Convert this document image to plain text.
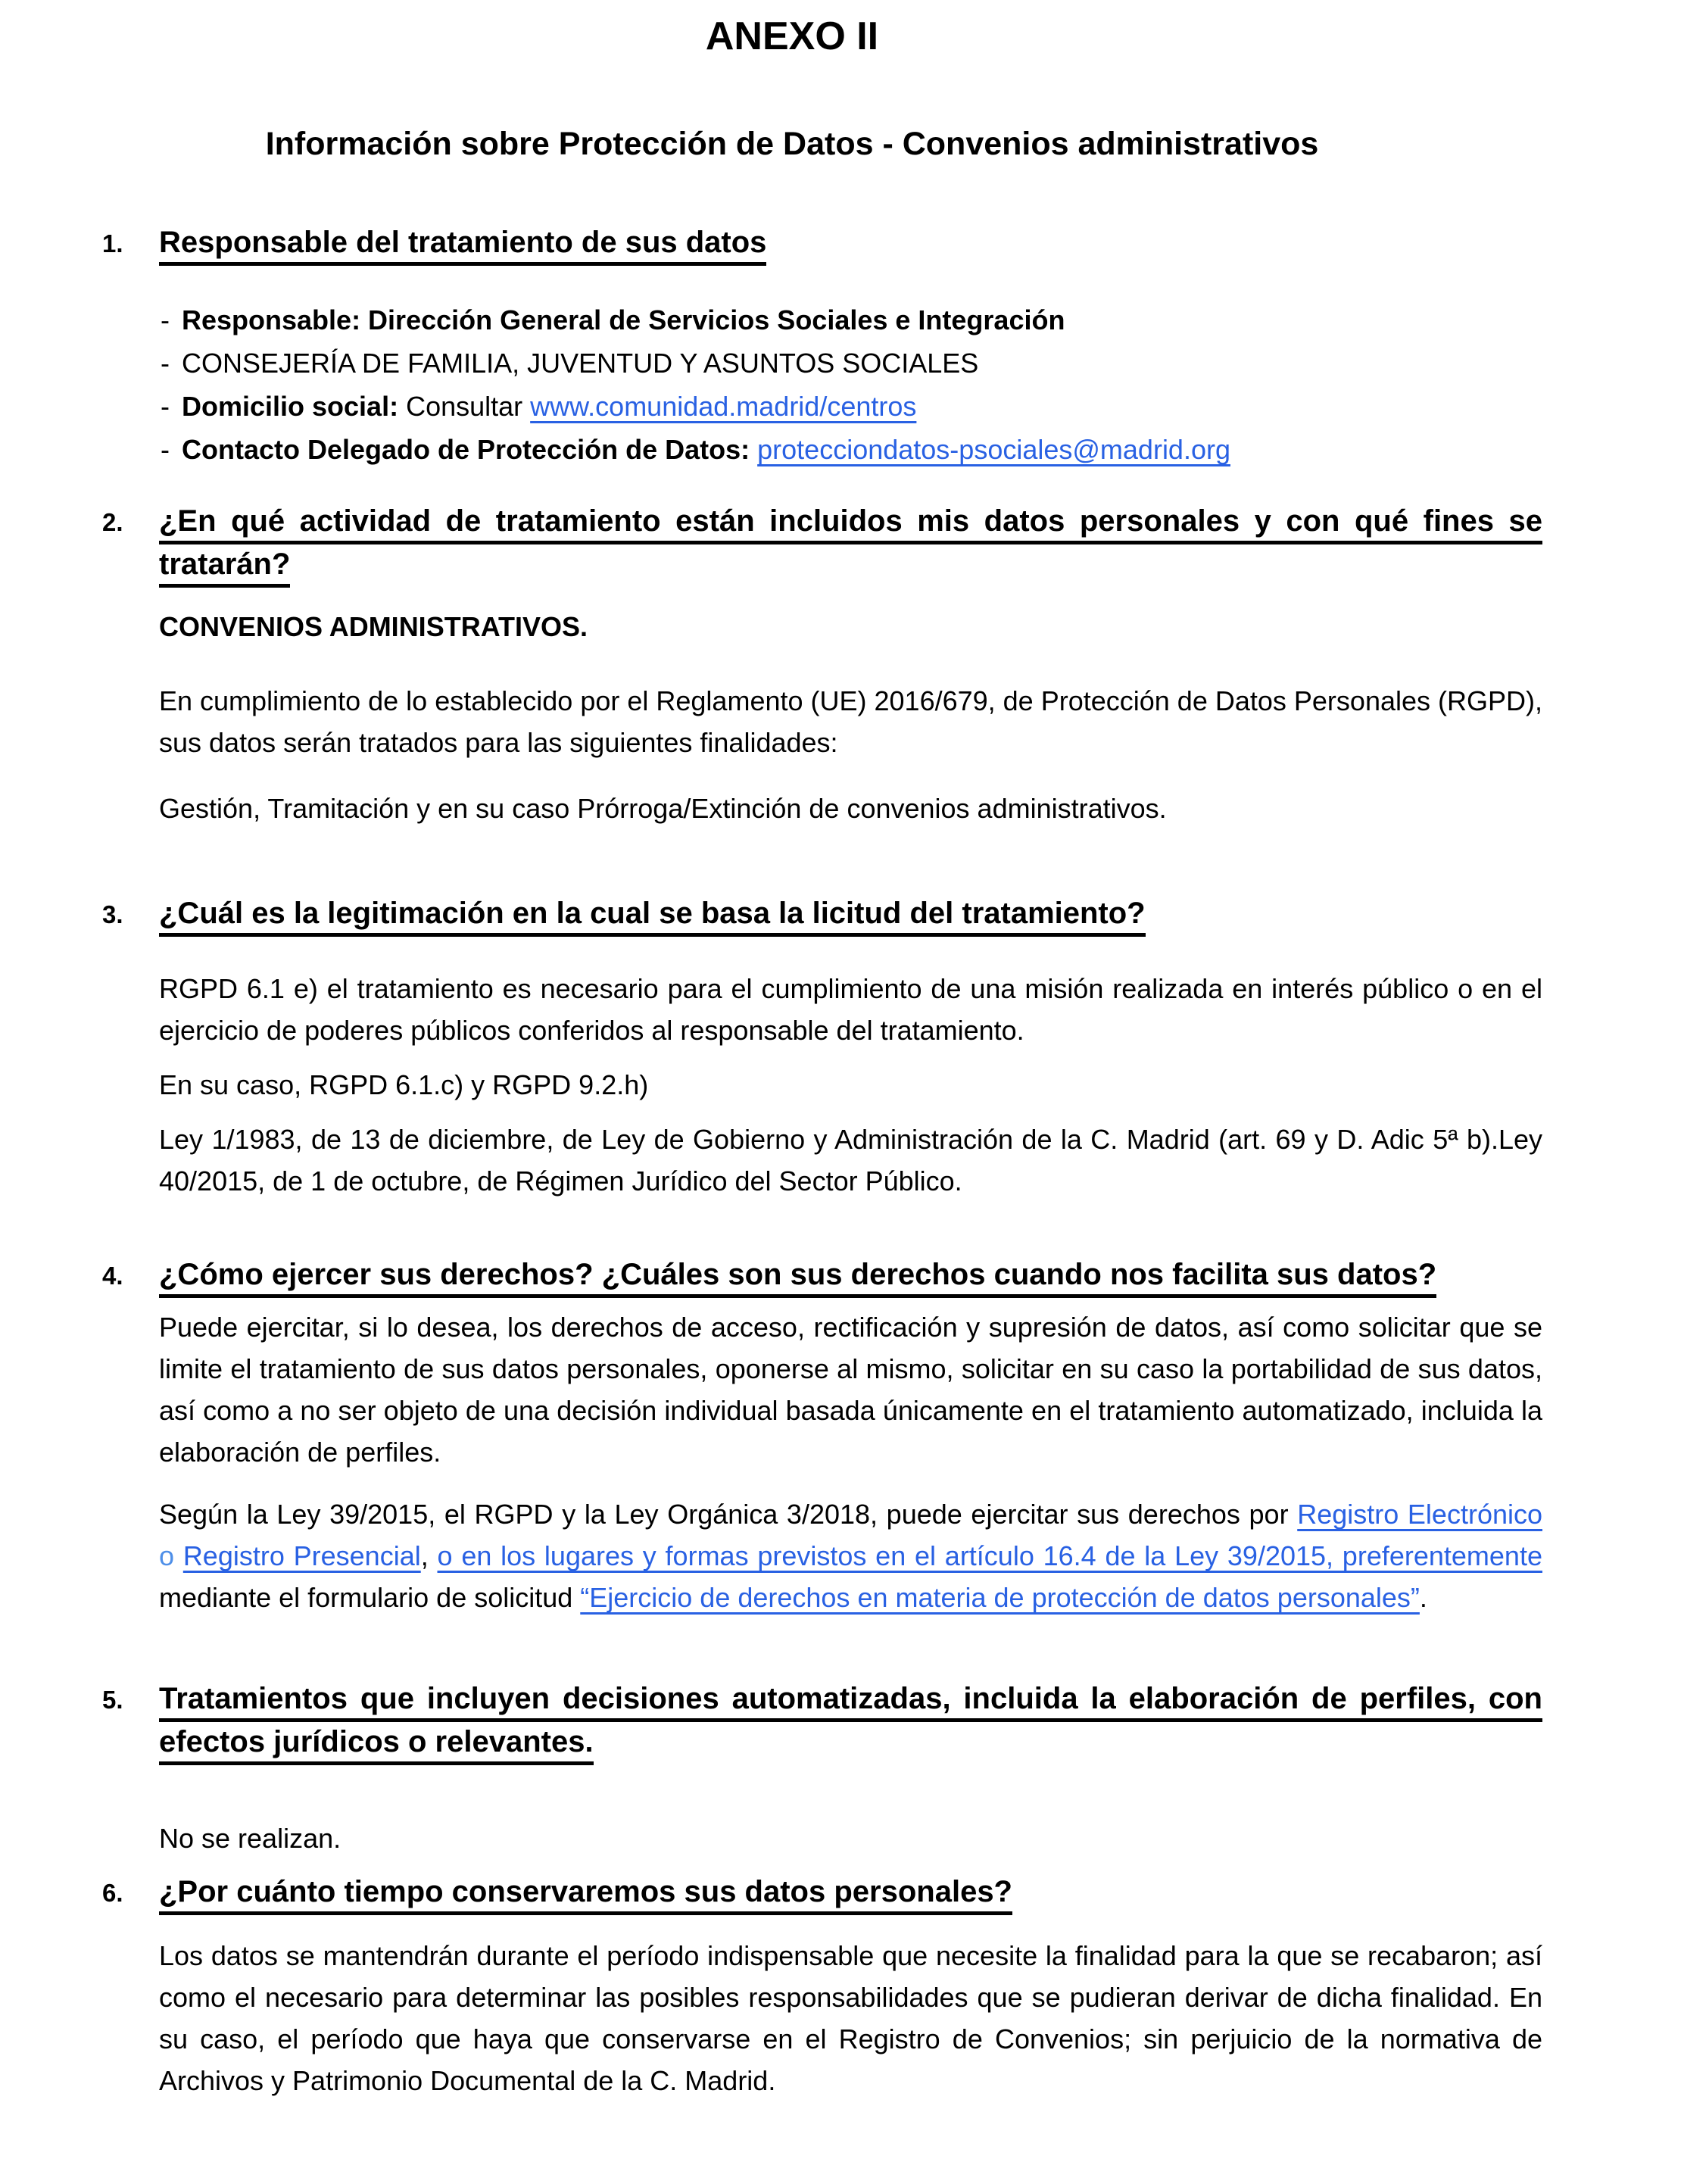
ANEXO II
Información sobre Protección de Datos - Convenios administrativos
1.	Responsable del tratamiento de sus datos
- Responsable: Dirección General de Servicios Sociales e Integración
- CONSEJERÍA DE FAMILIA, JUVENTUD Y ASUNTOS SOCIALES
- Domicilio social: Consultar www.comunidad.madrid/centros
- Contacto Delegado de Protección de Datos: protecciondatos-psociales@madrid.org
2.	¿En qué actividad de tratamiento están incluidos mis datos personales y con qué fines se tratarán?
CONVENIOS ADMINISTRATIVOS.
En cumplimiento de lo establecido por el Reglamento (UE) 2016/679, de Protección de Datos Personales (RGPD), sus datos serán tratados para las siguientes finalidades:
Gestión, Tramitación y en su caso Prórroga/Extinción de convenios administrativos.
3.	¿Cuál es la legitimación en la cual se basa la licitud del tratamiento?
RGPD 6.1 e) el tratamiento es necesario para el cumplimiento de una misión realizada en interés público o en el ejercicio de poderes públicos conferidos al responsable del tratamiento.
En su caso, RGPD 6.1.c) y RGPD 9.2.h)
Ley 1/1983, de 13 de diciembre, de Ley de Gobierno y Administración de la C. Madrid (art. 69 y D. Adic 5ª b).Ley 40/2015, de 1 de octubre, de Régimen Jurídico del Sector Público.
4.	¿Cómo ejercer sus derechos? ¿Cuáles son sus derechos cuando nos facilita sus datos?
Puede ejercitar, si lo desea, los derechos de acceso, rectificación y supresión de datos, así como solicitar que se limite el tratamiento de sus datos personales, oponerse al mismo, solicitar en su caso la portabilidad de sus datos, así como a no ser objeto de una decisión individual basada únicamente en el tratamiento automatizado, incluida la elaboración de perfiles.
Según la Ley 39/2015, el RGPD y la Ley Orgánica 3/2018, puede ejercitar sus derechos por Registro Electrónico o Registro Presencial, o en los lugares y formas previstos en el artículo 16.4 de la Ley 39/2015, preferentemente mediante el formulario de solicitud “Ejercicio de derechos en materia de protección de datos personales”.
5.	Tratamientos que incluyen decisiones automatizadas, incluida la elaboración de perfiles, con efectos jurídicos o relevantes.
No se realizan.
6.	¿Por cuánto tiempo conservaremos sus datos personales?
Los datos se mantendrán durante el período indispensable que necesite la finalidad para la que se recabaron; así como el necesario para determinar las posibles responsabilidades que se pudieran derivar de dicha finalidad. En su caso, el período que haya que conservarse en el Registro de Convenios; sin perjuicio de la normativa de Archivos y Patrimonio Documental de la C. Madrid.
